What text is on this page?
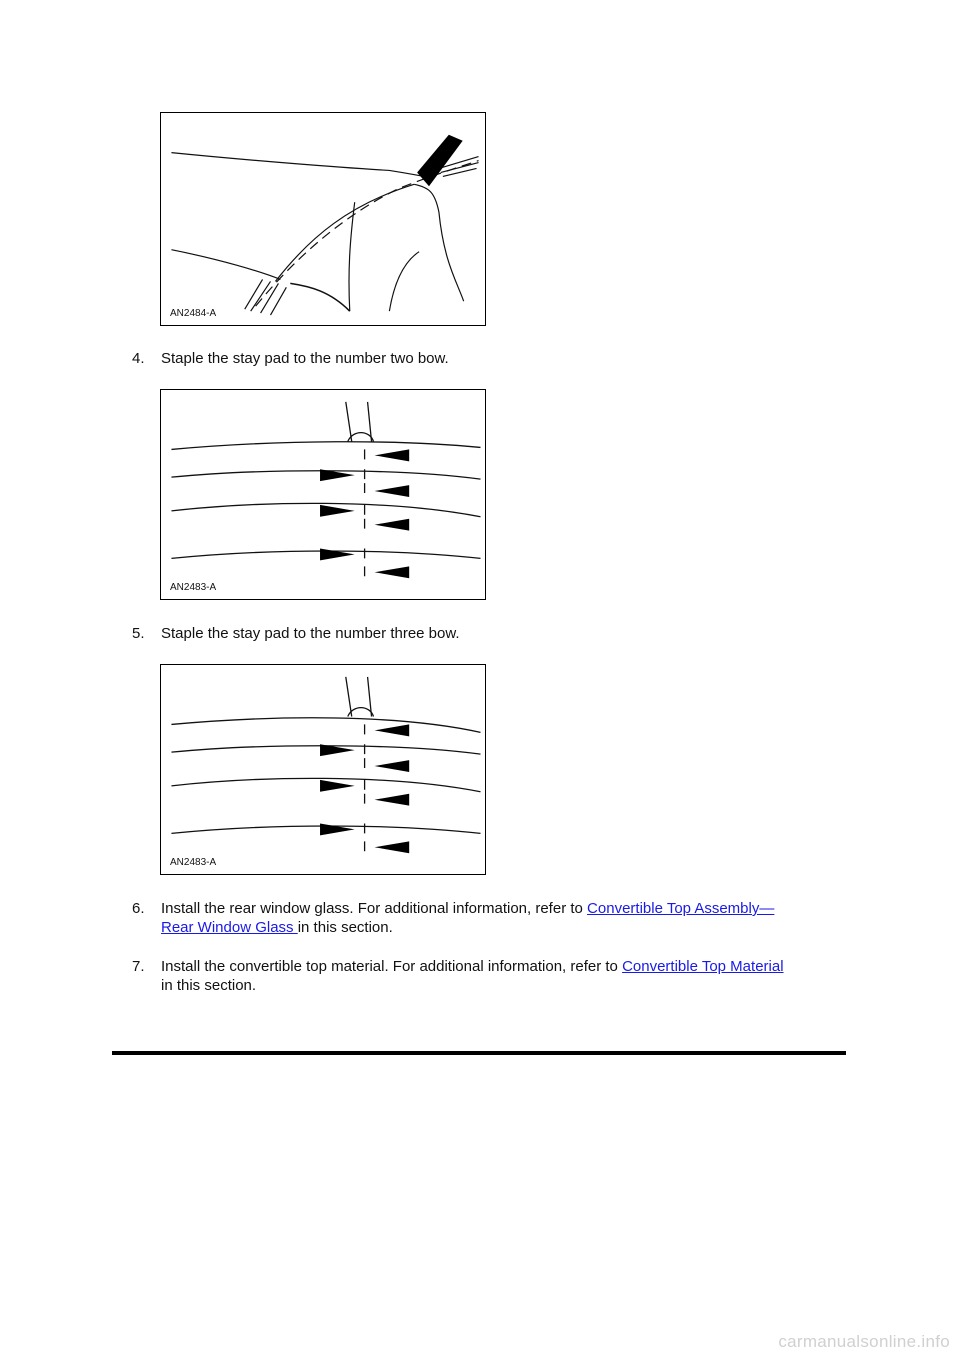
AN2484-A
4. Staple the stay pad to the number two bow.
AN2483-A
5. Staple the stay pad to the number three bow.
AN2483-A
6. Install the rear window glass. For additional information, refer to Convertible Top Assembly—
Rear Window Glass in this section.
7. Install the convertible top material. For additional information, refer to Convertible Top Material
in this section.
carmanualsonline.info
